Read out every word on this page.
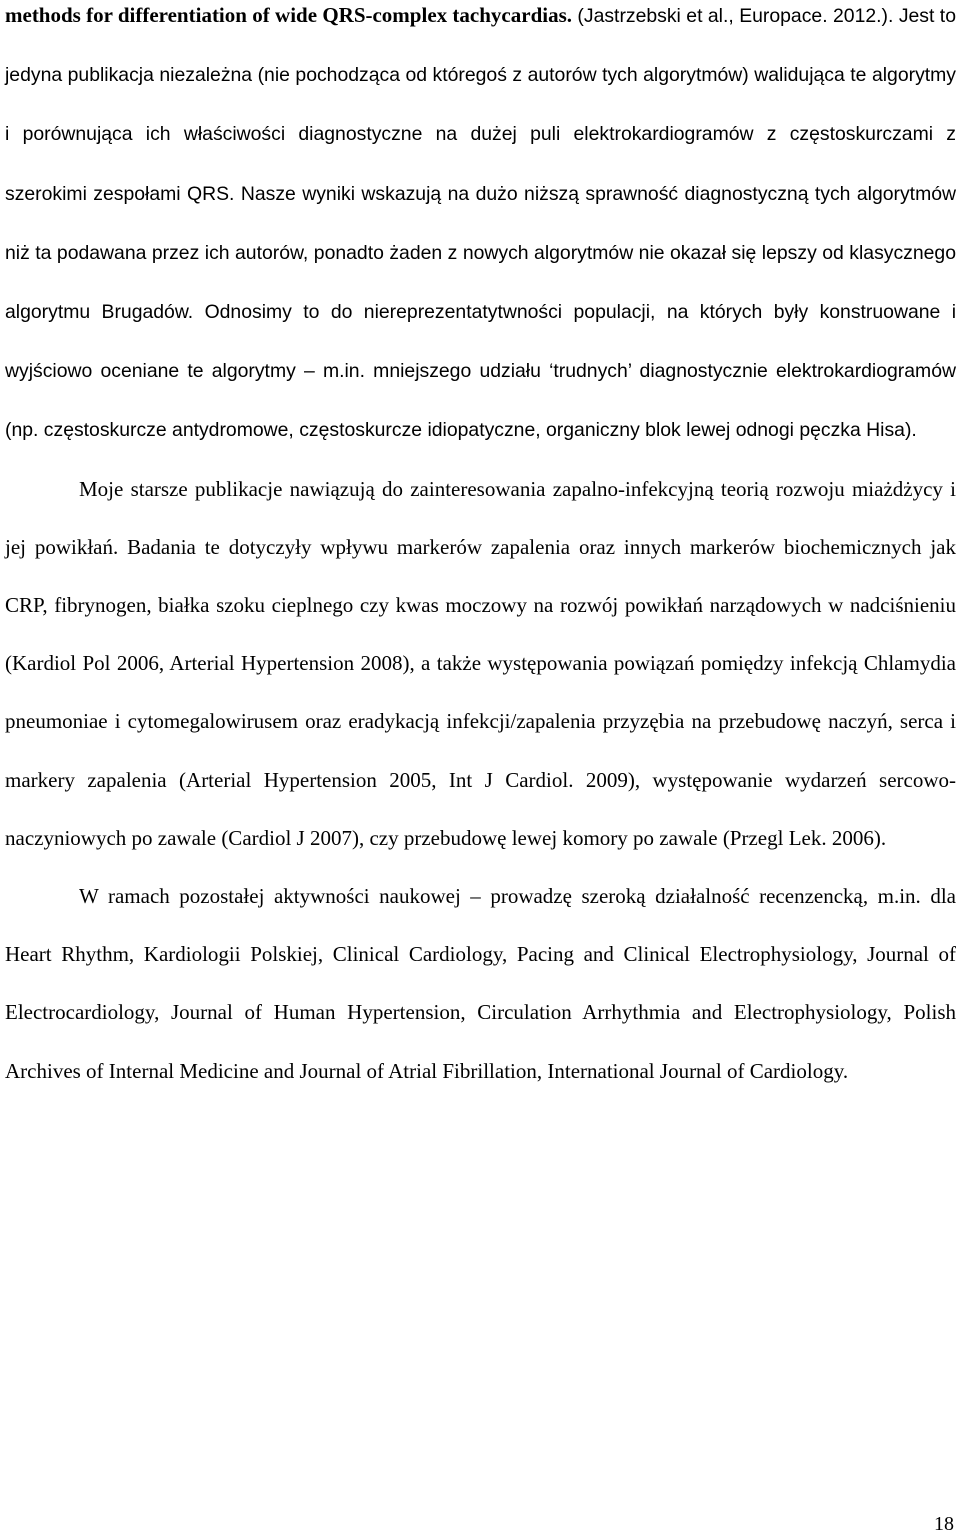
methods for differentiation of wide QRS-complex tachycardias. (Jastrzebski et al., Europace. 2012.). Jest to jedyna publikacja niezależna (nie pochodząca od któregoś z autorów tych algorytmów) walidująca te algorytmy i porównująca ich właściwości diagnostyczne na dużej puli elektrokardiogramów z częstoskurczami z szerokimi zespołami QRS. Nasze wyniki wskazują na dużo niższą sprawność diagnostyczną tych algorytmów niż ta podawana przez ich autorów, ponadto żaden z nowych algorytmów nie okazał się lepszy od klasycznego algorytmu Brugadów. Odnosimy to do niereprezentatytwności populacji, na których były konstruowane i wyjściowo oceniane te algorytmy – m.in. mniejszego udziału ‘trudnych’ diagnostycznie elektrokardiogramów (np. częstoskurcze antydromowe, częstoskurcze idiopatyczne, organiczny blok lewej odnogi pęczka Hisa).

Moje starsze publikacje nawiązują do zainteresowania zapalno-infekcyjną teorią rozwoju miażdżycy i jej powikłań. Badania te dotyczyły wpływu markerów zapalenia oraz innych markerów biochemicznych jak CRP, fibrynogen, białka szoku cieplnego czy kwas moczowy na rozwój powikłań narządowych w nadciśnieniu (Kardiol Pol 2006, Arterial Hypertension 2008), a także występowania powiązań pomiędzy infekcją Chlamydia pneumoniae i cytomegalowirusem oraz eradykacją infekcji/zapalenia przyzębia na przebudowę naczyń, serca i markery zapalenia (Arterial Hypertension 2005, Int J Cardiol. 2009), występowanie wydarzeń sercowo-naczyniowych po zawale (Cardiol J 2007), czy przebudowę lewej komory po zawale (Przegl Lek. 2006).

W ramach pozostałej aktywności naukowej – prowadzę szeroką działalność recenzencką, m.in. dla Heart Rhythm, Kardiologii Polskiej, Clinical Cardiology, Pacing and Clinical Electrophysiology, Journal of Electrocardiology, Journal of Human Hypertension, Circulation Arrhythmia and Electrophysiology, Polish Archives of Internal Medicine and Journal of Atrial Fibrillation, International Journal of Cardiology.

18
